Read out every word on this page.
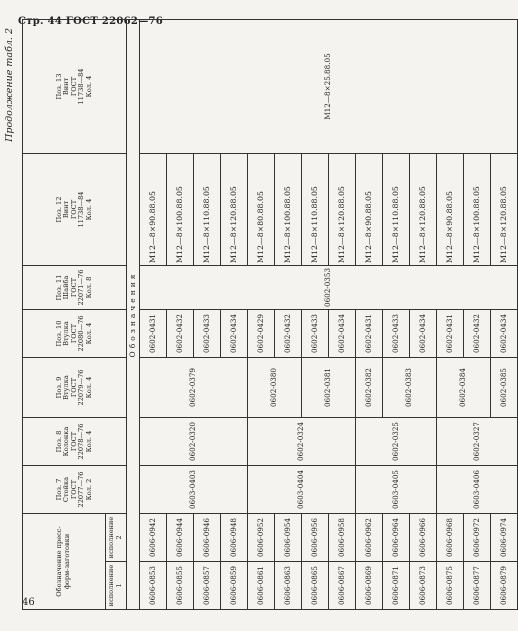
Стр. 44 ГОСТ 22062—76
46
Продолжение табл. 2
Обозначение пресс-форм-заготовки		Поз. 7
Стойка
ГОСТ
22077—76
Кол. 2	Поз. 8
Колонка
ГОСТ
22078—76
Кол. 4	Поз. 9
Втулка
ГОСТ
22079—76
Кол. 4	Поз. 10
Втулка
ГОСТ
22080—76
Кол. 4	Поз. 11
Шайба
ГОСТ
22071—76
Кол. 8	Поз. 12
Винт
ГОСТ
11738—84
Кол. 4	Поз. 13
Винт
ГОСТ
11738—84
Кол. 4
исполнение 1	исполнение 2							
Обозначения								
0606-0853	0606-0942	0603-0403	0602-0320	0602-0379	0602-0431	0602-0353	М12—8×90.88.05	М12—8×25.88.05
0606-0855	0606-0944				0602-0432		М12—8×100.88.05	
0606-0857	0606-0946				0602-0433		М12—8×110.88.05	
0606-0859	0606-0948				0602-0434		М12—8×120.88.05	
0606-0861	0606-0952	0603-0404	0602-0324	0602-0380	0602-0429		М12—8×80.88.05	
0606-0863	0606-0954				0602-0432		М12—8×100.88.05	
0606-0865	0606-0956			0602-0381	0602-0433		М12—8×110.88.05	
0606-0867	0606-0958				0602-0434		М12—8×120.88.05	
0606-0869	0606-0962	0603-0405	0602-0325	0602-0382	0602-0431		М12—8×90.88.05	
0606-0871	0606-0964			0602-0383	0602-0433		М12—8×110.88.05	
0606-0873	0606-0966				0602-0434		М12—8×120.88.05	
0606-0875	0606-0968	0603-0406	0602-0327	0602-0384	0602-0431		М12—8×90.88.05	
0606-0877	0606-0972				0602-0432		М12—8×100.88.05	
0606-0879	0606-0974			0602-0385	0602-0434		М12—8×120.88.05	
